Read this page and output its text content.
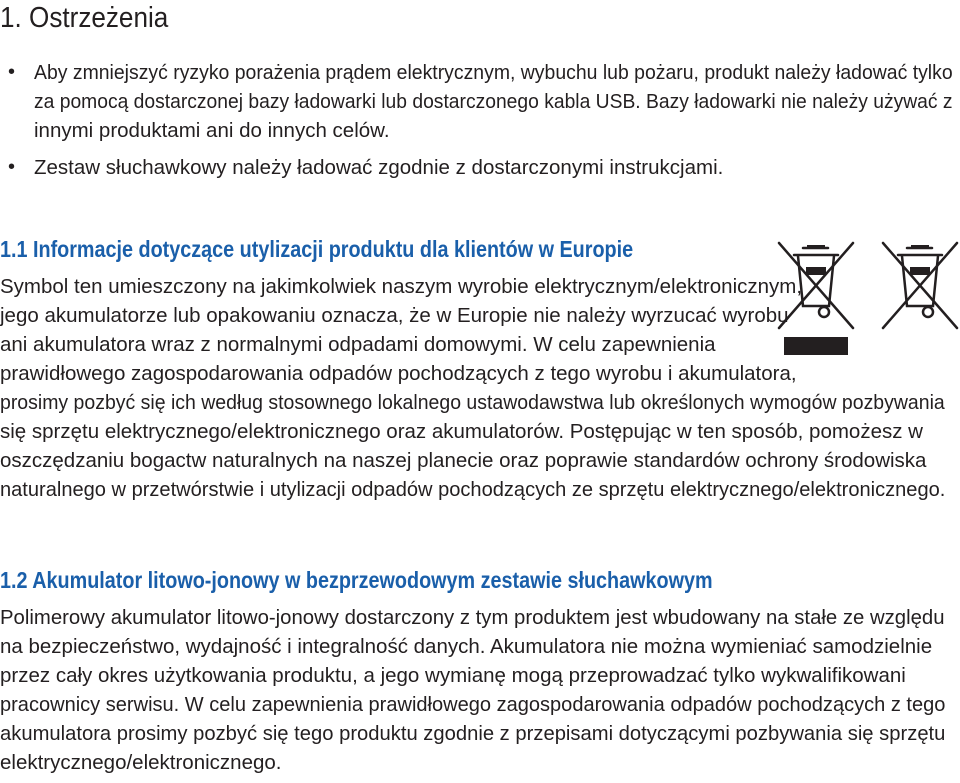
1. Ostrzeżenia
• Aby zmniejszyć ryzyko porażenia prądem elektrycznym, wybuchu lub pożaru, produkt należy ładować tylko
za pomocą dostarczonej bazy ładowarki lub dostarczonego kabla USB. Bazy ładowarki nie należy używać z
innymi produktami ani do innych celów.
• Zestaw słuchawkowy należy ładować zgodnie z dostarczonymi instrukcjami.
1.1 Informacje dotyczące utylizacji produktu dla klientów w Europie
Symbol ten umieszczony na jakimkolwiek naszym wyrobie elektrycznym/elektronicznym,
jego akumulatorze lub opakowaniu oznacza, że w Europie nie należy wyrzucać wyrobu
ani akumulatora wraz z normalnymi odpadami domowymi. W celu zapewnienia
prawidłowego zagospodarowania odpadów pochodzących z tego wyrobu i akumulatora,
prosimy pozbyć się ich według stosownego lokalnego ustawodawstwa lub określonych wymogów pozbywania
się sprzętu elektrycznego/elektronicznego oraz akumulatorów. Postępując w ten sposób, pomożesz w
oszczędzaniu bogactw naturalnych na naszej planecie oraz poprawie standardów ochrony środowiska
naturalnego w przetwórstwie i utylizacji odpadów pochodzących ze sprzętu elektrycznego/elektronicznego.
1.2 Akumulator litowo-jonowy w bezprzewodowym zestawie słuchawkowym
Polimerowy akumulator litowo-jonowy dostarczony z tym produktem jest wbudowany na stałe ze względu
na bezpieczeństwo, wydajność i integralność danych. Akumulatora nie można wymieniać samodzielnie
przez cały okres użytkowania produktu, a jego wymianę mogą przeprowadzać tylko wykwalifikowani
pracownicy serwisu. W celu zapewnienia prawidłowego zagospodarowania odpadów pochodzących z tego
akumulatora prosimy pozbyć się tego produktu zgodnie z przepisami dotyczącymi pozbywania się sprzętu
elektrycznego/elektronicznego.
